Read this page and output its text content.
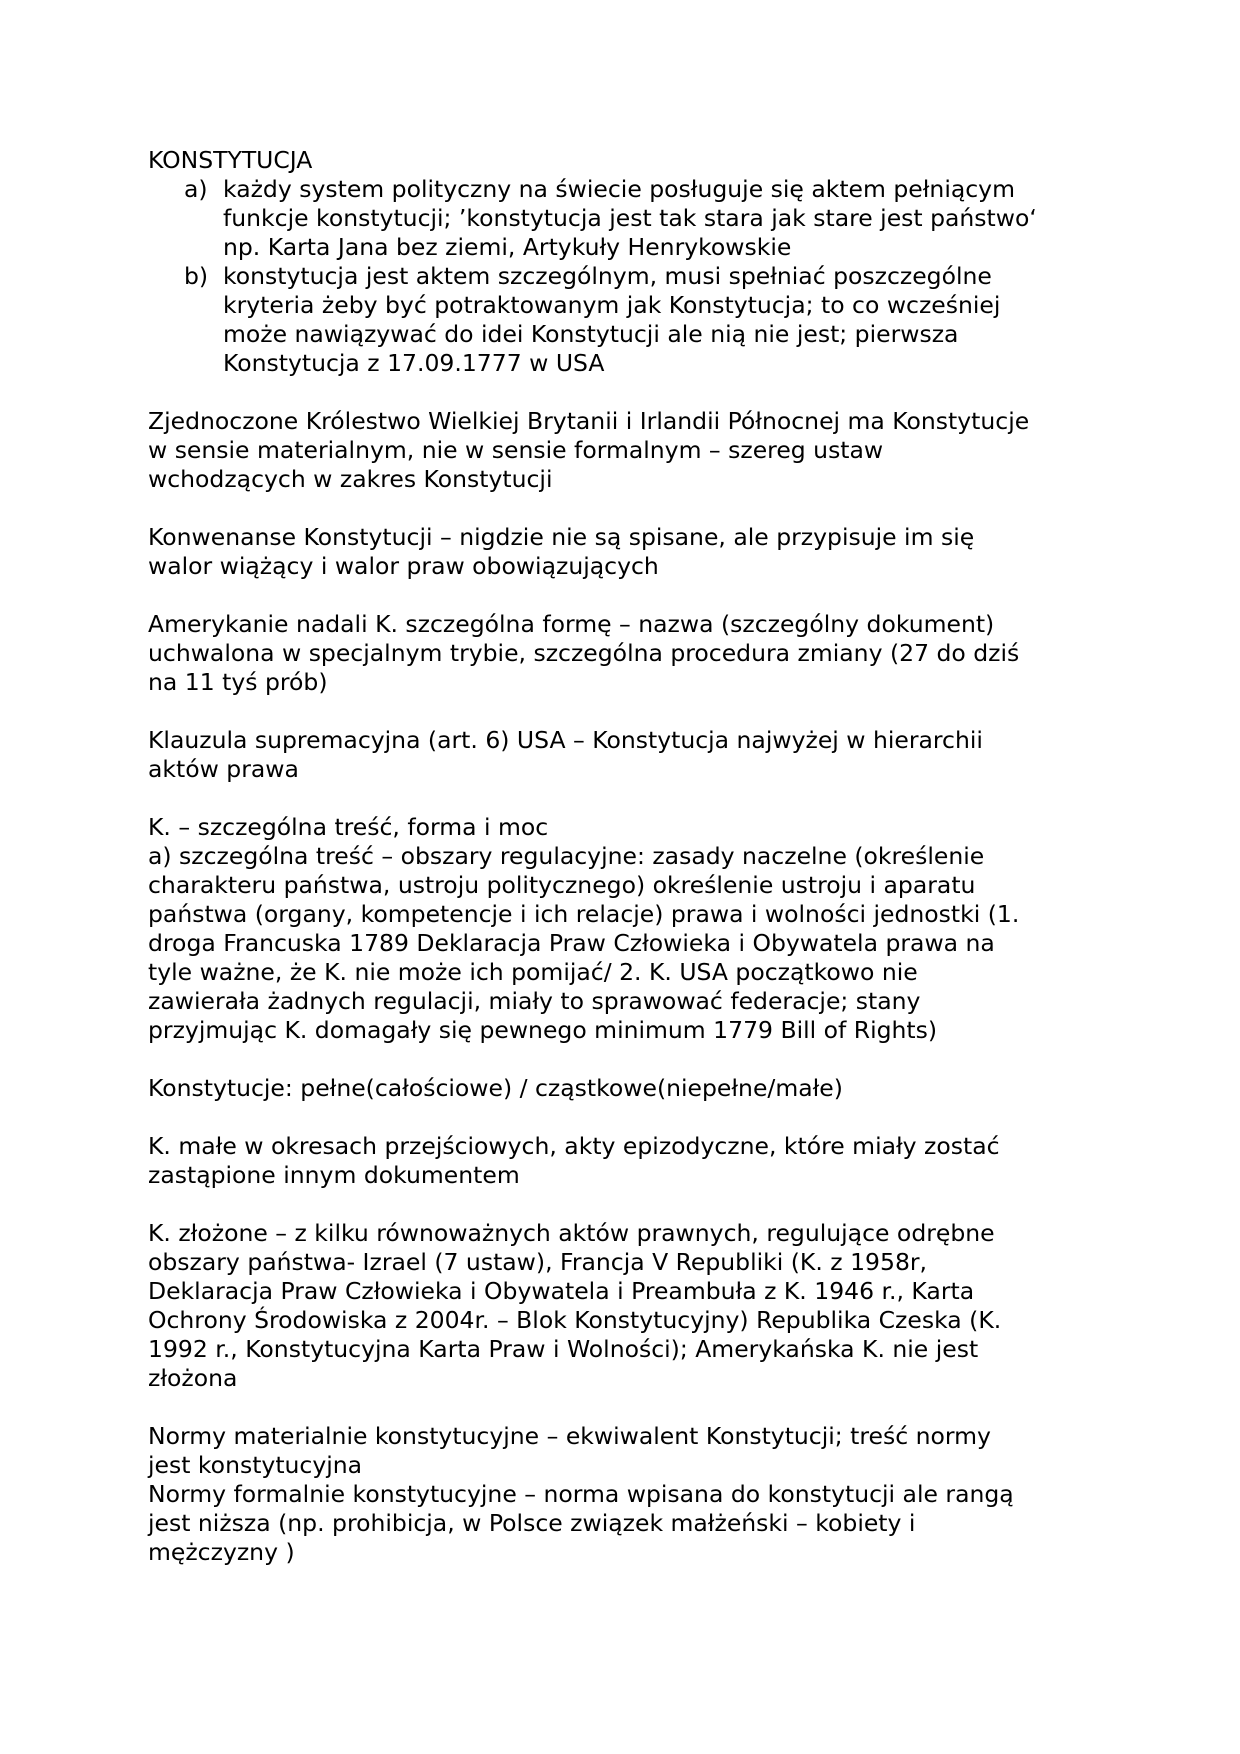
KONSTYTUCJA

a) każdy system polityczny na świecie posługuje się aktem pełniącym
funkcje konstytucji; ’konstytucja jest tak stara jak stare jest państwo‘
np. Karta Jana bez ziemi, Artykuły Henrykowskie
b) konstytucja jest aktem szczególnym, musi spełniać poszczególne
kryteria żeby być potraktowanym jak Konstytucja; to co wcześniej
może nawiązywać do idei Konstytucji ale nią nie jest; pierwsza
Konstytucja z 17.09.1777 w USA
Zjednoczone Królestwo Wielkiej Brytanii i Irlandii Północnej ma Konstytucje
w sensie materialnym, nie w sensie formalnym – szereg ustaw
wchodzących w zakres Konstytucji
Konwenanse Konstytucji – nigdzie nie są spisane, ale przypisuje im się
walor wiążący i walor praw obowiązujących
Amerykanie nadali K. szczególna formę – nazwa (szczególny dokument)
uchwalona w specjalnym trybie, szczególna procedura zmiany (27 do dziś
na 11 tyś prób)
Klauzula supremacyjna (art. 6) USA – Konstytucja najwyżej w hierarchii
aktów prawa
K. – szczególna treść, forma i moc
a) szczególna treść – obszary regulacyjne: zasady naczelne (określenie
charakteru państwa, ustroju politycznego) określenie ustroju i aparatu
państwa (organy, kompetencje i ich relacje) prawa i wolności jednostki (1.
droga Francuska 1789 Deklaracja Praw Człowieka i Obywatela prawa na
tyle ważne, że K. nie może ich pomijać/ 2. K. USA początkowo nie
zawierała żadnych regulacji, miały to sprawować federacje; stany
przyjmując K. domagały się pewnego minimum 1779 Bill of Rights)
Konstytucje: pełne(całościowe) / cząstkowe(niepełne/małe)
K. małe w okresach przejściowych, akty epizodyczne, które miały zostać
zastąpione innym dokumentem
K. złożone – z kilku równoważnych aktów prawnych, regulujące odrębne
obszary państwa- Izrael (7 ustaw), Francja V Republiki (K. z 1958r,
Deklaracja Praw Człowieka i Obywatela i Preambuła z K. 1946 r., Karta
Ochrony Środowiska z 2004r. – Blok Konstytucyjny) Republika Czeska (K.
1992 r., Konstytucyjna Karta Praw i Wolności); Amerykańska K. nie jest
złożona
Normy materialnie konstytucyjne – ekwiwalent Konstytucji; treść normy
jest konstytucyjna
Normy formalnie konstytucyjne – norma wpisana do konstytucji ale rangą
jest niższa (np. prohibicja, w Polsce związek małżeński – kobiety i
mężczyzny )
